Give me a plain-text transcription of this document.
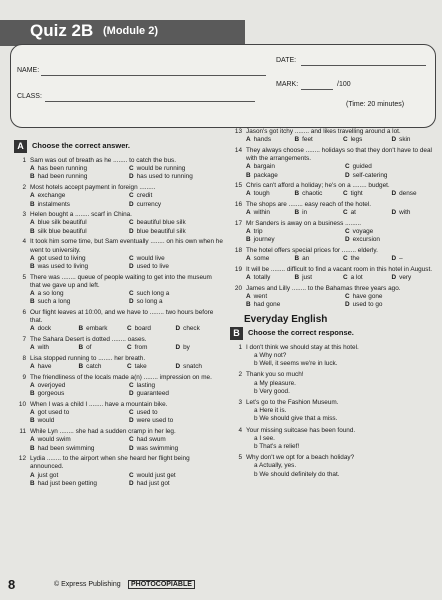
Quiz 2B (Module 2)
NAME:
DATE:
CLASS:
MARK:	/100
(Time: 20 minutes)
A	Choose the correct answer.
1 Sam was out of breath as he ........ to catch the bus.
A has been running	C would be running
B had been running	D has used to running
2 Most hotels accept payment in foreign .........
A exchange	C credit
B instalments	D currency
3 Helen bought a ........ scarf in China.
A blue silk beautiful	C beautiful blue silk
B silk blue beautiful	D blue beautiful silk
4 It took him some time, but Sam eventually ........ on his own when he went to university.
A got used to living	C would live
B was used to living	D used to live
5 There was ........ queue of people waiting to get into the museum that we gave up and left.
A a so long	C such long a
B such a long	D so long a
6 Our flight leaves at 10:00, and we have to ........ two hours before that.
A dock	B embark	C board	D check
7 The Sahara Desert is dotted ........ oases.
A with	B of	C from	D by
8 Lisa stopped running to ........ her breath.
A have	B catch	C take	D snatch
9 The friendliness of the locals made a(n) ........ impression on me.
A overjoyed	C lasting
B gorgeous	D guaranteed
10 When I was a child I ........ have a mountain bike.
A got used to	C used to
B would	D were used to
11 While Lyn ........ she had a sudden cramp in her leg.
A would swim	C had swum
B had been swimming	D was swimming
12 Lydia ........ to the airport when she heard her flight being announced.
A just got	C would just get
B had just been getting	D had just got
13 Jason's got itchy ........ and likes travelling around a lot.
A hands	B feet	C legs	D skin
14 They always choose ........ holidays so that they don't have to deal with the arrangements.
A bargain	C guided
B package	D self-catering
15 Chris can't afford a holiday; he's on a ........ budget.
A tough	B chaotic	C tight	D dense
16 The shops are ........ easy reach of the hotel.
A within	B in	C at	D with
17 Mr Sanders is away on a business .........
A trip	C voyage
B journey	D excursion
18 The hotel offers special prices for ........ elderly.
A some	B an	C the	D –
19 It will be ........ difficult to find a vacant room in this hotel in August.
A totally	B just	C a lot	D very
20 James and Lilly ........ to the Bahamas three years ago.
A went	C have gone
B had gone	D used to go
Everyday English
B	Choose the correct response.
1 I don't think we should stay at this hotel.
a Why not?
b Well, it seems we're in luck.
2 Thank you so much!
a My pleasure.
b Very good.
3 Let's go to the Fashion Museum.
a Here it is.
b We should give that a miss.
4 Your missing suitcase has been found.
a I see.
b That's a relief!
5 Why don't we opt for a beach holiday?
a Actually, yes.
b We should definitely do that.
8	© Express Publishing	PHOTOCOPIABLE
